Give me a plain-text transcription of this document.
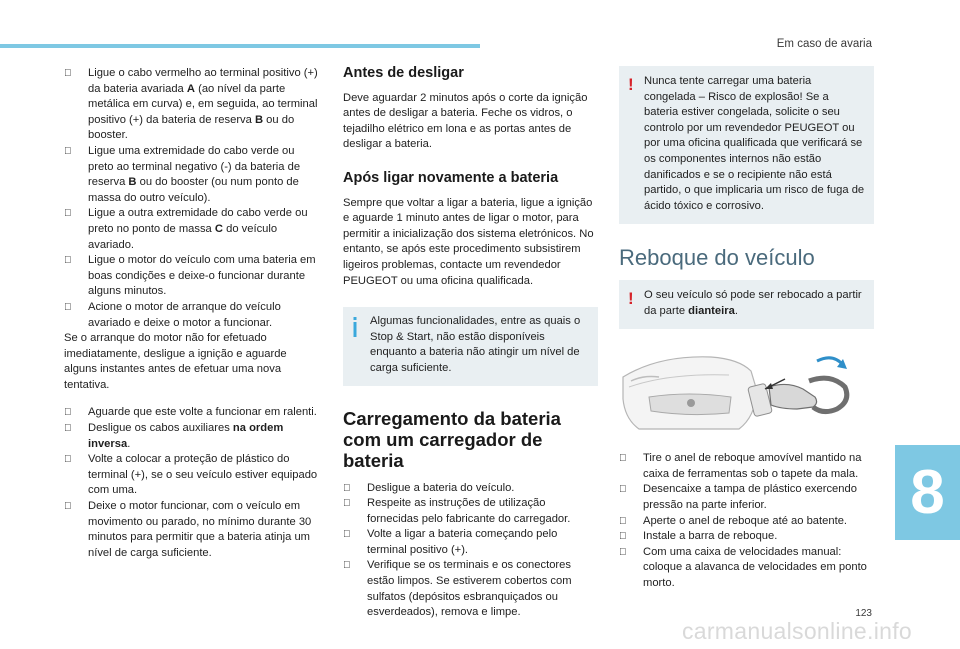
Em caso de avaria
Ligue o cabo vermelho ao terminal positivo (+) da bateria avariada A (ao nível da parte metálica em curva) e, em seguida, ao terminal positivo (+) da bateria de reserva B ou do booster.
Ligue uma extremidade do cabo verde ou preto ao terminal negativo (-) da bateria de reserva B ou do booster (ou num ponto de massa do outro veículo).
Ligue a outra extremidade do cabo verde ou preto no ponto de massa C do veículo avariado.
Ligue o motor do veículo com uma bateria em boas condições e deixe-o funcionar durante alguns minutos.
Acione o motor de arranque do veículo avariado e deixe o motor a funcionar.

Se o arranque do motor não for efetuado imediatamente, desligue a ignição e aguarde alguns instantes antes de efetuar uma nova tentativa.

Aguarde que este volte a funcionar em ralenti.
Desligue os cabos auxiliares na ordem inversa.
Volte a colocar a proteção de plástico do terminal (+), se o seu veículo estiver equipado com uma.
Deixe o motor funcionar, com o veículo em movimento ou parado, no mínimo durante 30 minutos para permitir que a bateria atinja um nível de carga suficiente.
Antes de desligar

Deve aguardar 2 minutos após o corte da ignição antes de desligar a bateria. Feche os vidros, o tejadilho elétrico em lona e as portas antes de desligar a bateria.

Após ligar novamente a bateria

Sempre que voltar a ligar a bateria, ligue a ignição e aguarde 1 minuto antes de ligar o motor, para permitir a inicialização dos sistema eletrónicos. No entanto, se após este procedimento subsistirem ligeiros problemas, contacte um revendedor PEUGEOT ou uma oficina qualificada.

Algumas funcionalidades, entre as quais o Stop & Start, não estão disponíveis enquanto a bateria não atingir um nível de carga suficiente.

Carregamento da bateria com um carregador de bateria
Desligue a bateria do veículo.
Respeite as instruções de utilização fornecidas pelo fabricante do carregador.
Volte a ligar a bateria começando pelo terminal positivo (+).
Verifique se os terminais e os conectores estão limpos. Se estiverem cobertos com sulfatos (depósitos esbranquiçados ou esverdeados), remova e limpe.
! Nunca tente carregar uma bateria congelada – Risco de explosão! Se a bateria estiver congelada, solicite o seu controlo por um revendedor PEUGEOT ou por uma oficina qualificada que verificará se os componentes internos não estão danificados e se o recipiente não está partido, o que implicaria um risco de fuga de ácido tóxico e corrosivo.

Reboque do veículo
! O seu veículo só pode ser rebocado a partir da parte dianteira.

Tire o anel de reboque amovível mantido na caixa de ferramentas sob o tapete da mala.
Desencaixe a tampa de plástico exercendo pressão na parte inferior.
Aperte o anel de reboque até ao batente.
Instale a barra de reboque.
Com uma caixa de velocidades manual: coloque a alavanca de velocidades em ponto morto.
8
123
carmanualsonline.info
